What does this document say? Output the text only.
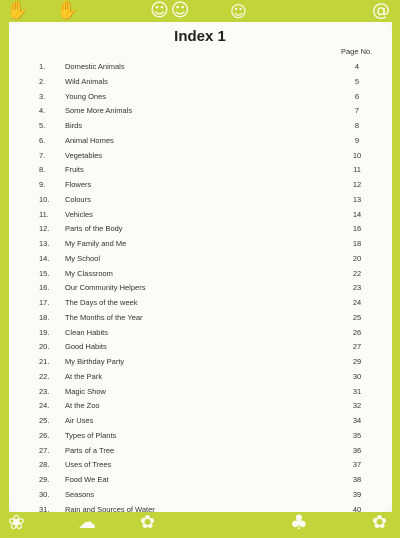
✋ ✋	☺☺ ☺	@
❀	☁ ✿	♣	✿
Index 1
Page No.
1.	Domestic Animals	4
2.	Wild Animals	5
3.	Young Ones	6
4.	Some More Animals	7
5.	Birds	8
6.	Animal Homes	9
7.	Vegetables	10
8.	Fruits	11
9.	Flowers	12
10. Colours	13
11. Vehicles	14
12. Parts of the Body	16
13. My Family and Me	18
14. My School	20
15. My Classroom	22
16. Our Community Helpers	23
17. The Days of the week	24
18. The Months of the Year	25
19. Clean Habits	26
20. Good Habits	27
21. My Birthday Party	29
22. At the Park	30
23. Magic Show	31
24. At the Zoo	32
25. Air Uses	34
26. Types of Plants	35
27. Parts of a Tree	36
28. Uses of Trees	37
29. Food We Eat	38
30. Seasons	39
31. Rain and Sources of Water	40
